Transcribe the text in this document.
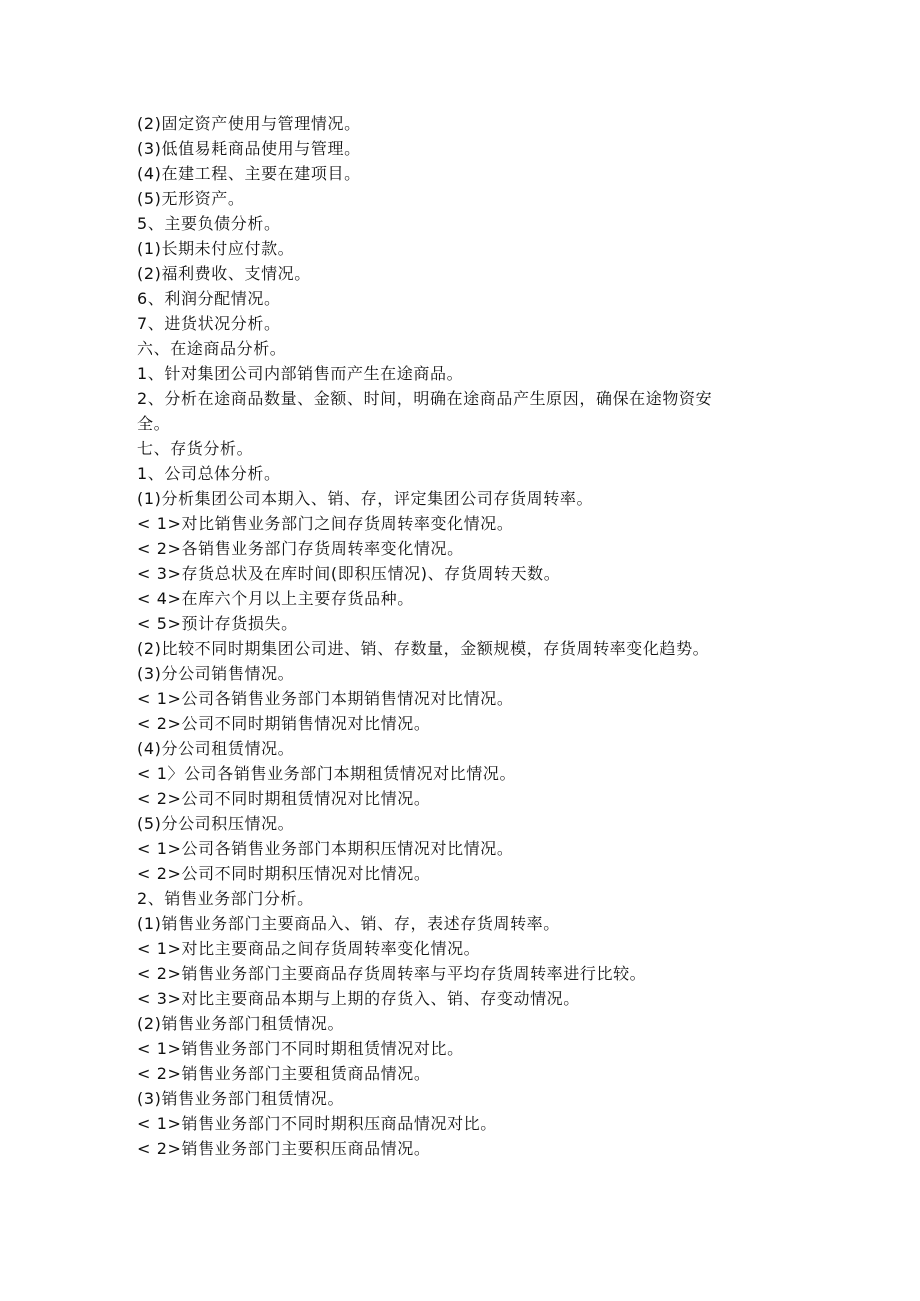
(2)固定资产使用与管理情况。
(3)低值易耗商品使用与管理。
(4)在建工程、主要在建项目。
(5)无形资产。
5、主要负债分析。
(1)长期未付应付款。
(2)福利费收、支情况。
6、利润分配情况。
7、进货状况分析。
六、在途商品分析。
1、针对集团公司内部销售而产生在途商品。
2、分析在途商品数量、金额、时间，明确在途商品产生原因，确保在途物资安
全。
七、存货分析。
1、公司总体分析。
(1)分析集团公司本期入、销、存，评定集团公司存货周转率。
< 1>对比销售业务部门之间存货周转率变化情况。
< 2>各销售业务部门存货周转率变化情况。
< 3>存货总状及在库时间(即积压情况)、存货周转天数。
< 4>在库六个月以上主要存货品种。
< 5>预计存货损失。
(2)比较不同时期集团公司进、销、存数量，金额规模，存货周转率变化趋势。
(3)分公司销售情况。
< 1>公司各销售业务部门本期销售情况对比情况。
< 2>公司不同时期销售情况对比情况。
(4)分公司租赁情况。
< 1〉公司各销售业务部门本期租赁情况对比情况。
< 2>公司不同时期租赁情况对比情况。
(5)分公司积压情况。
< 1>公司各销售业务部门本期积压情况对比情况。
< 2>公司不同时期积压情况对比情况。
2、销售业务部门分析。
(1)销售业务部门主要商品入、销、存，表述存货周转率。
< 1>对比主要商品之间存货周转率变化情况。
< 2>销售业务部门主要商品存货周转率与平均存货周转率进行比较。
< 3>对比主要商品本期与上期的存货入、销、存变动情况。
(2)销售业务部门租赁情况。
< 1>销售业务部门不同时期租赁情况对比。
< 2>销售业务部门主要租赁商品情况。
(3)销售业务部门租赁情况。
< 1>销售业务部门不同时期积压商品情况对比。
< 2>销售业务部门主要积压商品情况。
